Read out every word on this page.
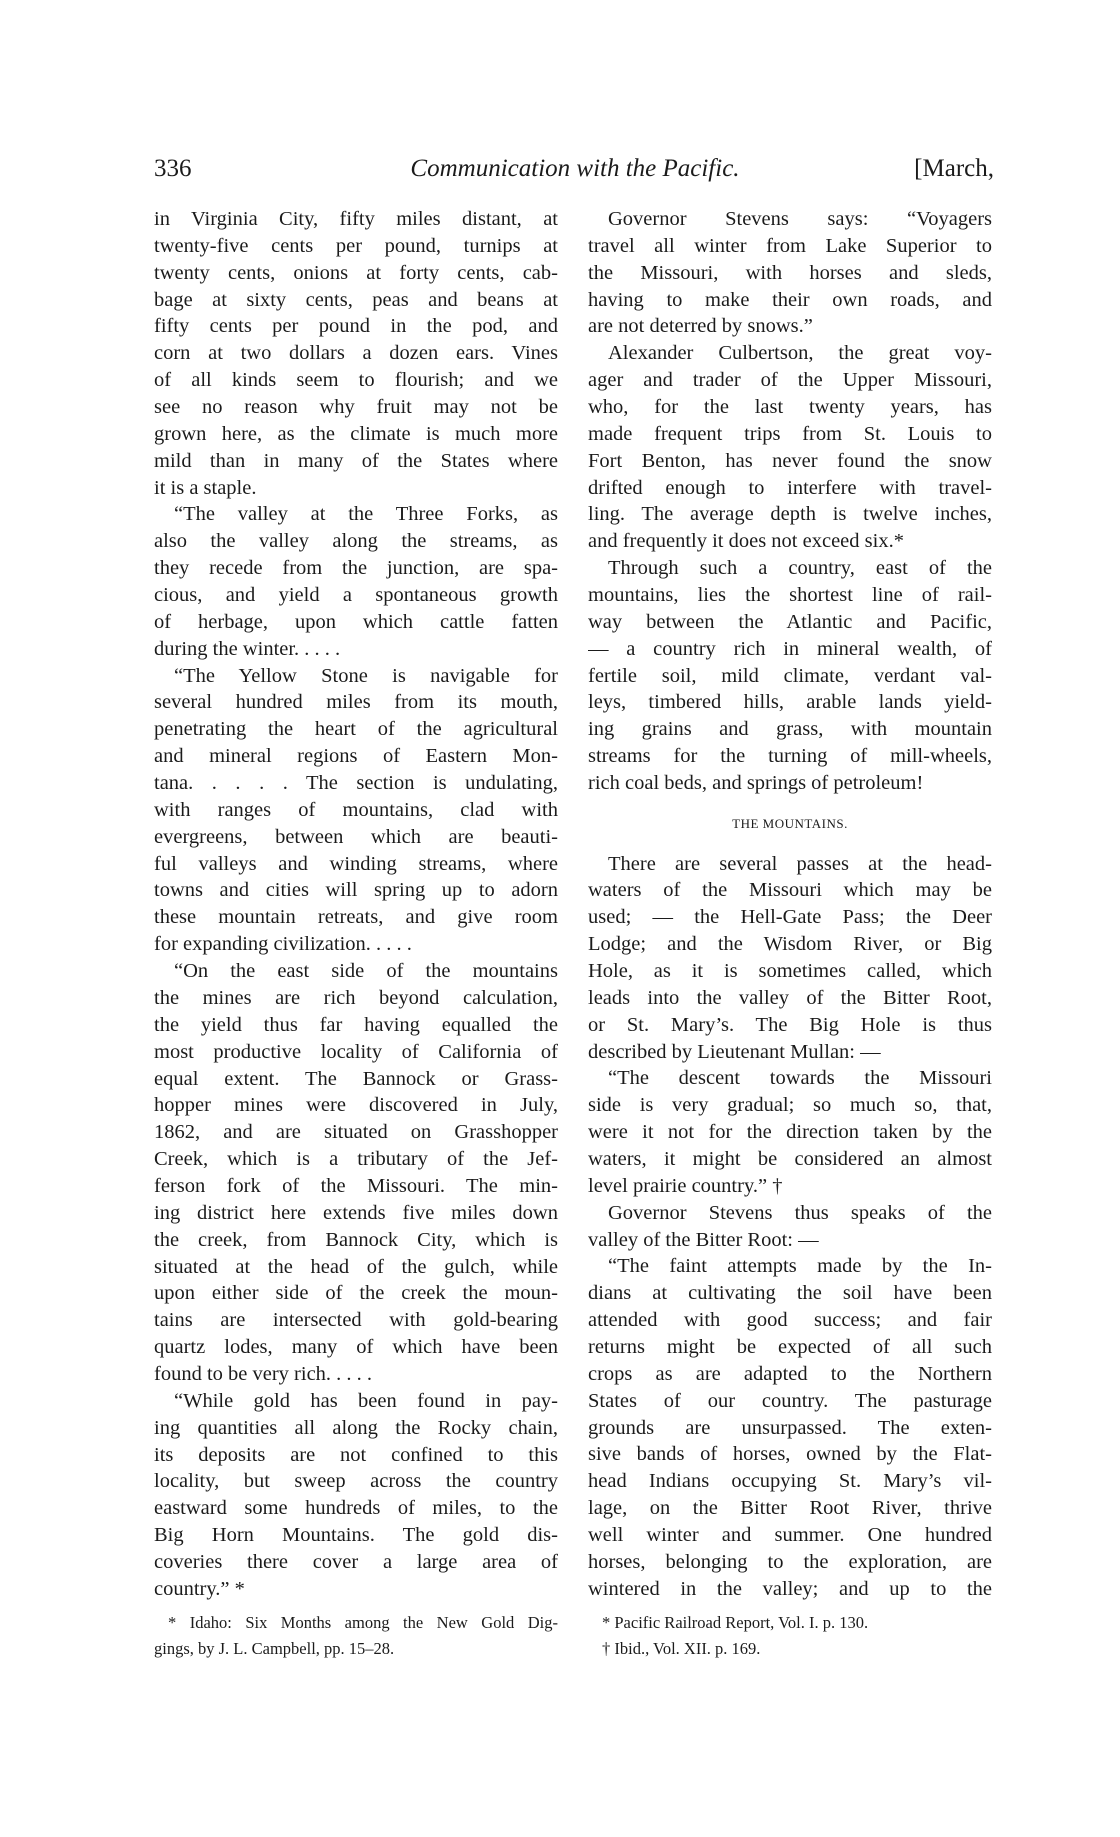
336	Communication with the Pacific.	[March,
in Virginia City, fifty miles distant, at
twenty-five cents per pound, turnips at
twenty cents, onions at forty cents, cab-
bage at sixty cents, peas and beans at
fifty cents per pound in the pod, and
corn at two dollars a dozen ears. Vines
of all kinds seem to flourish; and we
see no reason why fruit may not be
grown here, as the climate is much more
mild than in many of the States where
it is a staple.
“The valley at the Three Forks, as
also the valley along the streams, as
they recede from the junction, are spa-
cious, and yield a spontaneous growth
of herbage, upon which cattle fatten
during the winter. . . . .
“The Yellow Stone is navigable for
several hundred miles from its mouth,
penetrating the heart of the agricultural
and mineral regions of Eastern Mon-
tana. . . . . The section is undulating,
with ranges of mountains, clad with
evergreens, between which are beauti-
ful valleys and winding streams, where
towns and cities will spring up to adorn
these mountain retreats, and give room
for expanding civilization. . . . .
“On the east side of the mountains
the mines are rich beyond calculation,
the yield thus far having equalled the
most productive locality of California of
equal extent. The Bannock or Grass-
hopper mines were discovered in July,
1862, and are situated on Grasshopper
Creek, which is a tributary of the Jef-
ferson fork of the Missouri. The min-
ing district here extends five miles down
the creek, from Bannock City, which is
situated at the head of the gulch, while
upon either side of the creek the moun-
tains are intersected with gold-bearing
quartz lodes, many of which have been
found to be very rich. . . . .
“While gold has been found in pay-
ing quantities all along the Rocky chain,
its deposits are not confined to this
locality, but sweep across the country
eastward some hundreds of miles, to the
Big Horn Mountains. The gold dis-
coveries there cover a large area of
country.” *
Governor Stevens says: “Voyagers
travel all winter from Lake Superior to
the Missouri, with horses and sleds,
having to make their own roads, and
are not deterred by snows.”
Alexander Culbertson, the great voy-
ager and trader of the Upper Missouri,
who, for the last twenty years, has
made frequent trips from St. Louis to
Fort Benton, has never found the snow
drifted enough to interfere with travel-
ling. The average depth is twelve inches,
and frequently it does not exceed six.*
Through such a country, east of the
mountains, lies the shortest line of rail-
way between the Atlantic and Pacific,
— a country rich in mineral wealth, of
fertile soil, mild climate, verdant val-
leys, timbered hills, arable lands yield-
ing grains and grass, with mountain
streams for the turning of mill-wheels,
rich coal beds, and springs of petroleum!
THE MOUNTAINS.
There are several passes at the head-
waters of the Missouri which may be
used; — the Hell-Gate Pass; the Deer
Lodge; and the Wisdom River, or Big
Hole, as it is sometimes called, which
leads into the valley of the Bitter Root,
or St. Mary’s. The Big Hole is thus
described by Lieutenant Mullan: —
“The descent towards the Missouri
side is very gradual; so much so, that,
were it not for the direction taken by the
waters, it might be considered an almost
level prairie country.” †
Governor Stevens thus speaks of the
valley of the Bitter Root: —
“The faint attempts made by the In-
dians at cultivating the soil have been
attended with good success; and fair
returns might be expected of all such
crops as are adapted to the Northern
States of our country. The pasturage
grounds are unsurpassed. The exten-
sive bands of horses, owned by the Flat-
head Indians occupying St. Mary’s vil-
lage, on the Bitter Root River, thrive
well winter and summer. One hundred
horses, belonging to the exploration, are
wintered in the valley; and up to the
* Idaho: Six Months among the New Gold Dig-
gings, by J. L. Campbell, pp. 15–28.
* Pacific Railroad Report, Vol. I. p. 130.
† Ibid., Vol. XII. p. 169.
